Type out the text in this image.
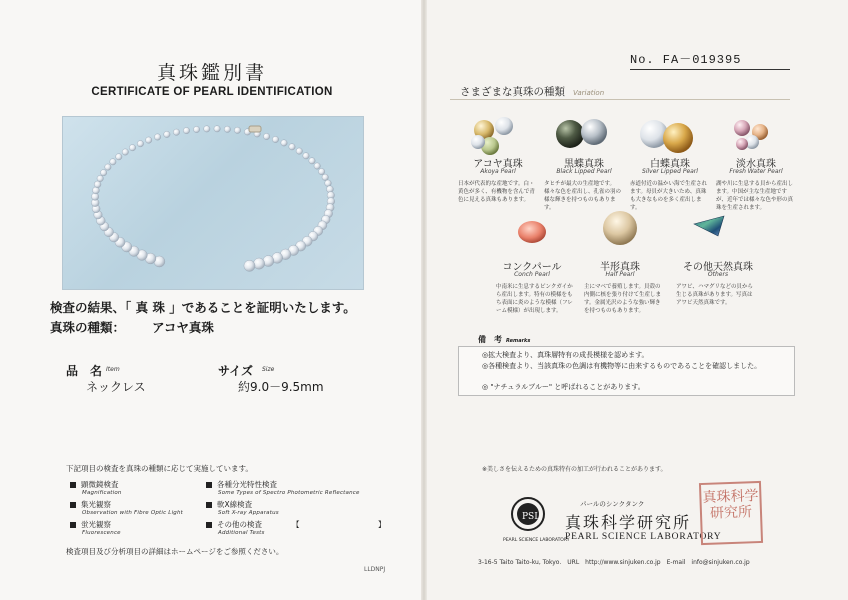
真珠鑑別書
CERTIFICATE OF PEARL IDENTIFICATION
検査の結果、「 真 珠 」であることを証明いたします。
真珠の種類： アコヤ真珠
品　名 Item	サイズ Size
ネックレス	約9.0－9.5mm
下記項目の検査を真珠の種類に応じて実施しています。
顕微鏡検査
Magnification
集光観察
Observation with Fibre Optic Light
蛍光観察
Fluorescence
各種分光特性検査
Some Types of Spectro Photometric Reflectance
軟X線検査
Soft X-ray Apparatus
その他の検査
Additional Tests
【	】
検査項目及び分析項目の詳細はホームページをご参照ください。
LLDNPJ
No. FA－019395
さまざまな真珠の種類 Variation
アコヤ真珠
Akoya Pearl
日本が代表的な産地です。白・黄色が多く、有機物を含んで青色に見える真珠もあります。
黒蝶真珠
Black Lipped Pearl
タヒチが最大の生産地です。様々な色を産出し、孔雀の羽の様な輝きを持つものもあります。
白蝶真珠
Silver Lipped Pearl
赤道付近の温かい海で生産されます。母貝が大きいため、真珠も大きなものを多く産出します。
淡水真珠
Fresh Water Pearl
湖や川に生息する貝から産出します。中国が主な生産地ですが、近年では様々な色や形の真珠を生産されます。
コンクパール
Conch Pearl
中南米に生息するピンクガイから産出します。特有の模様をもち表面に炎のような模様（フレーム模様）が出現します。
半形真珠
Half Pearl
主にマベで養殖します。貝殻の内側に核を張り付けて生産します。金属光沢のような強い輝きを持つものもあります。
その他天然真珠
Others
アワビ、ハマグリなどの貝から生じる真珠があります。写真はアワビ天然真珠です。
備　考 Remarks
◎拡大検査より、真珠層特有の成長模様を認めます。
◎各種検査より、当該真珠の色調は有機物等に由来するものであることを確認しました。
◎ "ナチュラルブルー" と呼ばれることがあります。
※美しさを伝えるための真珠特有の加工が行われることがあります。
PSL
PEARL SCIENCE LABORATORY
パールのシンクタンク
真珠科学研究所
PEARL SCIENCE LABORATORY
3-16-5 Taito Taito-ku, Tokyo.　URL　http://www.sinjuken.co.jp　E-mail　info@sinjuken.co.jp
真珠科学研究所
